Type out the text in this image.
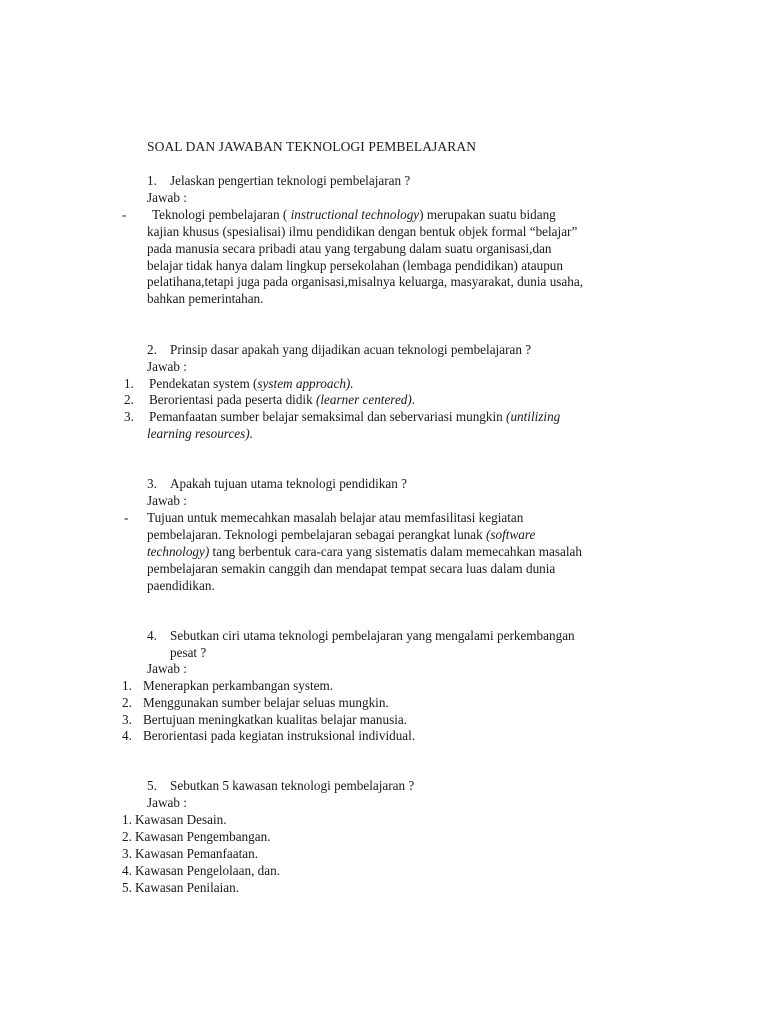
SOAL DAN JAWABAN TEKNOLOGI PEMBELAJARAN
1. Jelaskan pengertian teknologi pembelajaran ?
Jawab :
- Teknologi pembelajaran ( instructional technology) merupakan suatu bidang
kajian khusus (spesialisai) ilmu pendidikan dengan bentuk objek formal “belajar”
pada manusia secara pribadi atau yang tergabung dalam suatu organisasi,dan
belajar tidak hanya dalam lingkup persekolahan (lembaga pendidikan) ataupun
pelatihana,tetapi juga pada organisasi,misalnya keluarga, masyarakat, dunia usaha,
bahkan pemerintahan.
2. Prinsip dasar apakah yang dijadikan acuan teknologi pembelajaran ?
Jawab :
1. Pendekatan system (system approach).
2. Berorientasi pada peserta didik (learner centered).
3. Pemanfaatan sumber belajar semaksimal dan sebervariasi mungkin (untilizing
learning resources).
3. Apakah tujuan utama teknologi pendidikan ?
Jawab :
- Tujuan untuk memecahkan masalah belajar atau memfasilitasi kegiatan
pembelajaran. Teknologi pembelajaran sebagai perangkat lunak (software
technology) tang berbentuk cara-cara yang sistematis dalam memecahkan masalah
pembelajaran semakin canggih dan mendapat tempat secara luas dalam dunia
paendidikan.
4. Sebutkan ciri utama teknologi pembelajaran yang mengalami perkembangan
pesat ?
Jawab :
1. Menerapkan perkambangan system.
2. Menggunakan sumber belajar seluas mungkin.
3. Bertujuan meningkatkan kualitas belajar manusia.
4. Berorientasi pada kegiatan instruksional individual.
5. Sebutkan 5 kawasan teknologi pembelajaran ?
Jawab :
1. Kawasan Desain.
2. Kawasan Pengembangan.
3. Kawasan Pemanfaatan.
4. Kawasan Pengelolaan, dan.
5. Kawasan Penilaian.
